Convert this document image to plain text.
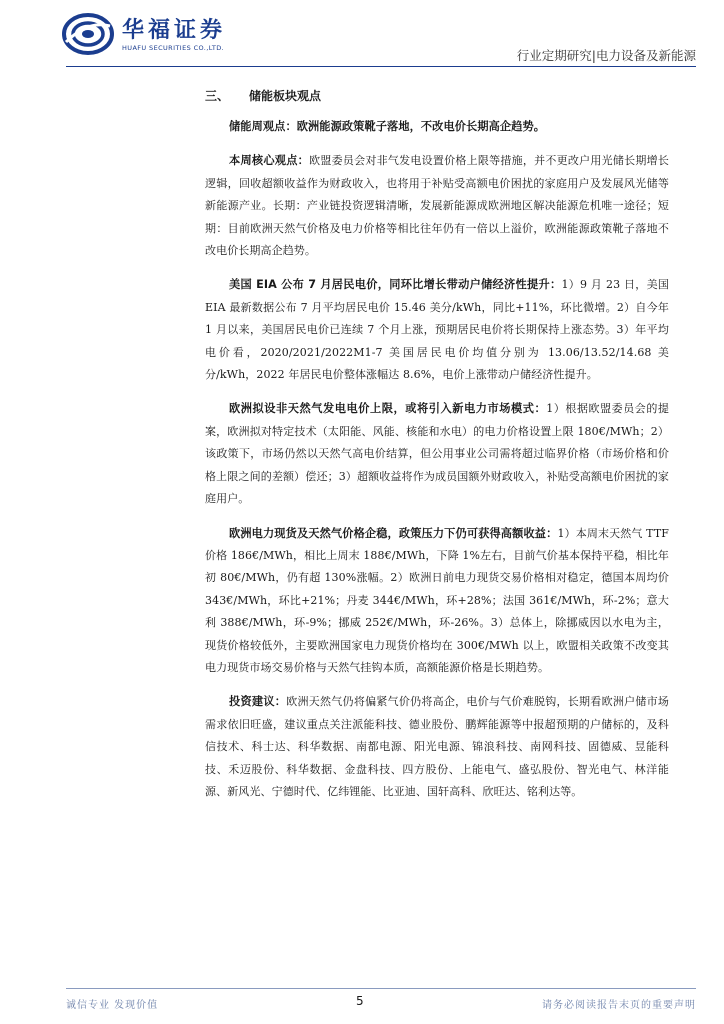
华福证券
HUAFU SECURITIES CO.,LTD.	行业定期研究|电力设备及新能源
三、 储能板块观点

储能周观点：欧洲能源政策靴子落地，不改电价长期高企趋势。

本周核心观点：欧盟委员会对非气发电设置价格上限等措施，并不更改户用光储长期增长逻辑，回收超额收益作为财政收入，也将用于补贴受高额电价困扰的家庭用户及发展风光储等新能源产业。长期：产业链投资逻辑清晰，发展新能源成欧洲地区解决能源危机唯一途径；短期：目前欧洲天然气价格及电力价格等相比往年仍有一倍以上溢价，欧洲能源政策靴子落地不改电价长期高企趋势。

美国 EIA 公布 7 月居民电价，同环比增长带动户储经济性提升：1）9 月 23 日，美国 EIA 最新数据公布 7 月平均居民电价 15.46 美分/kWh，同比+11%，环比微增。2）自今年 1 月以来，美国居民电价已连续 7 个月上涨，预期居民电价将长期保持上涨态势。3）年平均电价看，2020/2021/2022M1-7 美国居民电价均值分别为 13.06/13.52/14.68 美分/kWh，2022 年居民电价整体涨幅达 8.6%，电价上涨带动户储经济性提升。

欧洲拟设非天然气发电电价上限，或将引入新电力市场模式：1）根据欧盟委员会的提案，欧洲拟对特定技术（太阳能、风能、核能和水电）的电力价格设置上限 180€/MWh；2）该政策下，市场仍然以天然气高电价结算，但公用事业公司需将超过临界价格（市场价格和价格上限之间的差额）偿还；3）超额收益将作为成员国额外财政收入，补贴受高额电价困扰的家庭用户。

欧洲电力现货及天然气价格企稳，政策压力下仍可获得高额收益：1）本周末天然气 TTF 价格 186€/MWh，相比上周末 188€/MWh，下降 1%左右，目前气价基本保持平稳，相比年初 80€/MWh，仍有超 130%涨幅。2）欧洲日前电力现货交易价格相对稳定，德国本周均价 343€/MWh，环比+21%；丹麦 344€/MWh，环+28%；法国 361€/MWh，环-2%；意大利 388€/MWh，环-9%；挪威 252€/MWh，环-26%。3）总体上，除挪威因以水电为主，现货价格较低外，主要欧洲国家电力现货价格均在 300€/MWh 以上，欧盟相关政策不改变其电力现货市场交易价格与天然气挂钩本质，高额能源价格是长期趋势。

投资建议：欧洲天然气仍将偏紧气价仍将高企，电价与气价难脱钩，长期看欧洲户储市场需求依旧旺盛，建议重点关注派能科技、德业股份、鹏辉能源等中报超预期的户储标的，及科信技术、科士达、科华数据、南都电源、阳光电源、锦浪科技、南网科技、固德威、昱能科技、禾迈股份、科华数据、金盘科技、四方股份、上能电气、盛弘股份、智光电气、林洋能源、新风光、宁德时代、亿纬锂能、比亚迪、国轩高科、欣旺达、铭利达等。

诚信专业 发现价值	5	请务必阅读报告末页的重要声明
